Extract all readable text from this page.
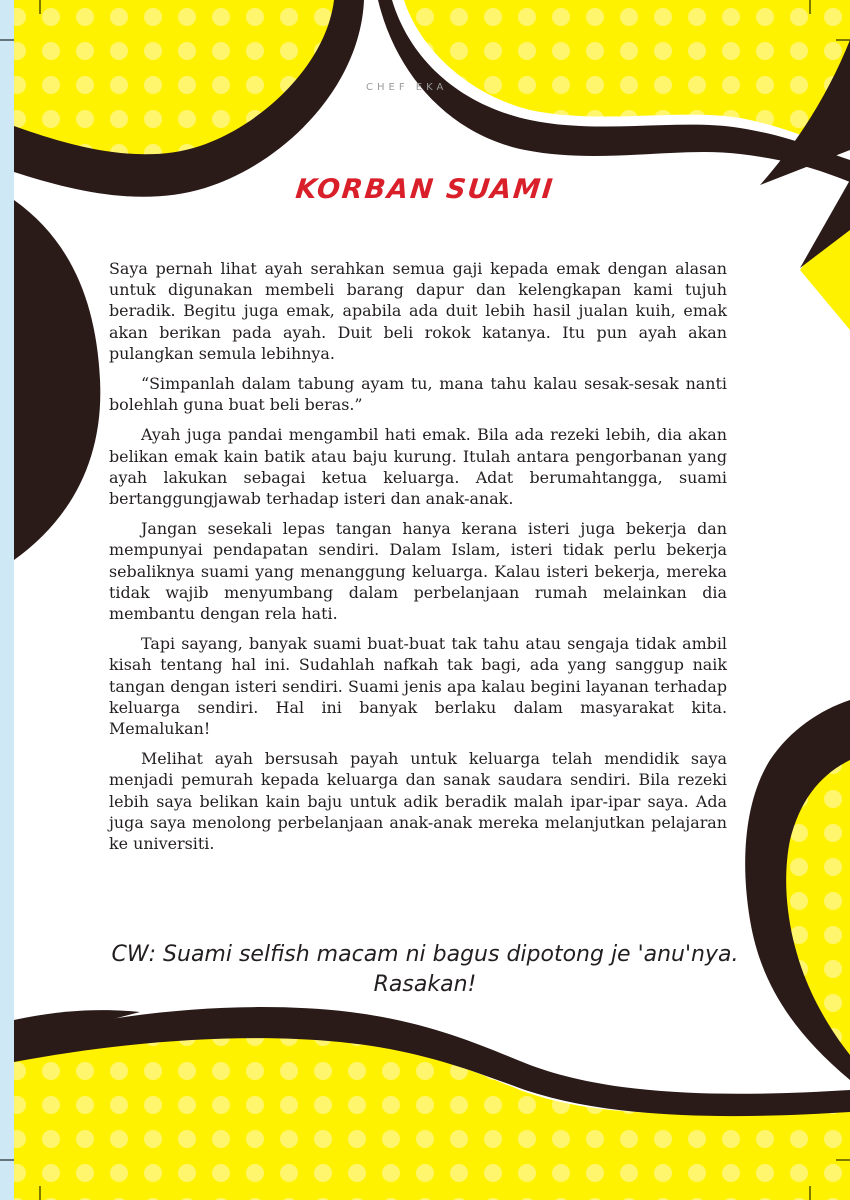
CHEF EKA
KORBAN SUAMI

Saya pernah lihat ayah serahkan semua gaji kepada emak dengan alasan untuk digunakan membeli barang dapur dan kelengkapan kami tujuh beradik. Begitu juga emak, apabila ada duit lebih hasil jualan kuih, emak akan berikan pada ayah. Duit beli rokok katanya. Itu pun ayah akan pulangkan semula lebihnya.

“Simpanlah dalam tabung ayam tu, mana tahu kalau sesak-sesak nanti bolehlah guna buat beli beras.”

Ayah juga pandai mengambil hati emak. Bila ada rezeki lebih, dia akan belikan emak kain batik atau baju kurung. Itulah antara pengorbanan yang ayah lakukan sebagai ketua keluarga. Adat berumahtangga, suami bertanggungjawab terhadap isteri dan anak-anak.

Jangan sesekali lepas tangan hanya kerana isteri juga bekerja dan mempunyai pendapatan sendiri. Dalam Islam, isteri tidak perlu bekerja sebaliknya suami yang menanggung keluarga. Kalau isteri bekerja, mereka tidak wajib menyumbang dalam perbelanjaan rumah melainkan dia membantu dengan rela hati.

Tapi sayang, banyak suami buat-buat tak tahu atau sengaja tidak ambil kisah tentang hal ini. Sudahlah nafkah tak bagi, ada yang sanggup naik tangan dengan isteri sendiri. Suami jenis apa kalau begini layanan terhadap keluarga sendiri. Hal ini banyak berlaku dalam masyarakat kita. Memalukan!

Melihat ayah bersusah payah untuk keluarga telah mendidik saya menjadi pemurah kepada keluarga dan sanak saudara sendiri. Bila rezeki lebih saya belikan kain baju untuk adik beradik malah ipar-ipar saya. Ada juga saya menolong perbelanjaan anak-anak mereka melanjutkan pelajaran ke universiti.

CW: Suami selfish macam ni bagus dipotong je 'anu'nya.
Rasakan!
